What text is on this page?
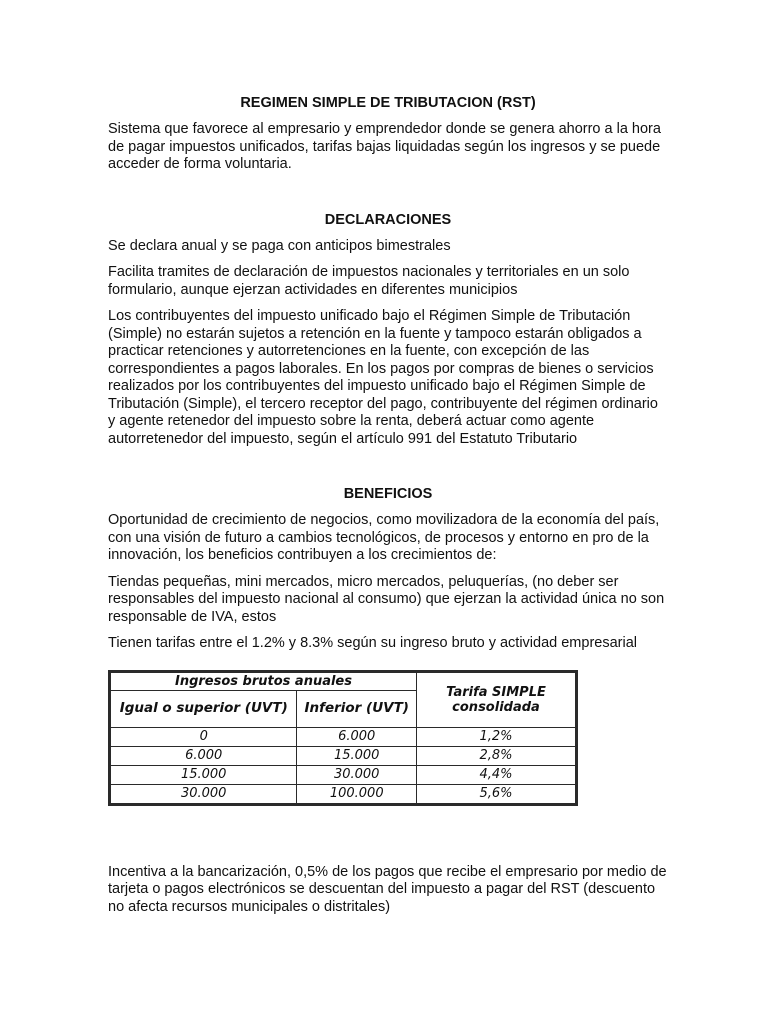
REGIMEN SIMPLE DE TRIBUTACION (RST)

Sistema que favorece al empresario y emprendedor donde se genera ahorro a la hora de pagar impuestos unificados, tarifas bajas liquidadas según los ingresos y se puede acceder de forma voluntaria.

DECLARACIONES

Se declara anual y se paga con anticipos bimestrales

Facilita tramites de declaración de impuestos nacionales y territoriales en un solo formulario, aunque ejerzan actividades en diferentes municipios

Los contribuyentes del impuesto unificado bajo el Régimen Simple de Tributación (Simple) no estarán sujetos a retención en la fuente y tampoco estarán obligados a practicar retenciones y autorretenciones en la fuente, con excepción de las correspondientes a pagos laborales. En los pagos por compras de bienes o servicios realizados por los contribuyentes del impuesto unificado bajo el Régimen Simple de Tributación (Simple), el tercero receptor del pago, contribuyente del régimen ordinario y agente retenedor del impuesto sobre la renta, deberá actuar como agente autorretenedor del impuesto, según el artículo 991 del Estatuto Tributario

BENEFICIOS

Oportunidad de crecimiento de negocios, como movilizadora de la economía del país, con una visión de futuro a cambios tecnológicos, de procesos y entorno en pro de la innovación, los beneficios contribuyen a los crecimientos de:

Tiendas pequeñas, mini mercados, micro mercados, peluquerías, (no deber ser responsables del impuesto nacional al consumo) que ejerzan la actividad única no son responsable de IVA, estos

Tienen tarifas entre el 1.2% y 8.3% según su ingreso bruto y actividad empresarial

Ingresos brutos anuales		Tarifa SIMPLE consolidada
Igual o superior (UVT)	Inferior (UVT)	
0	6.000	1,2%
6.000	15.000	2,8%
15.000	30.000	4,4%
30.000	100.000	5,6%

Incentiva a la bancarización, 0,5% de los pagos que recibe el empresario por medio de tarjeta o pagos electrónicos se descuentan del impuesto a pagar del RST (descuento no afecta recursos municipales o distritales)
